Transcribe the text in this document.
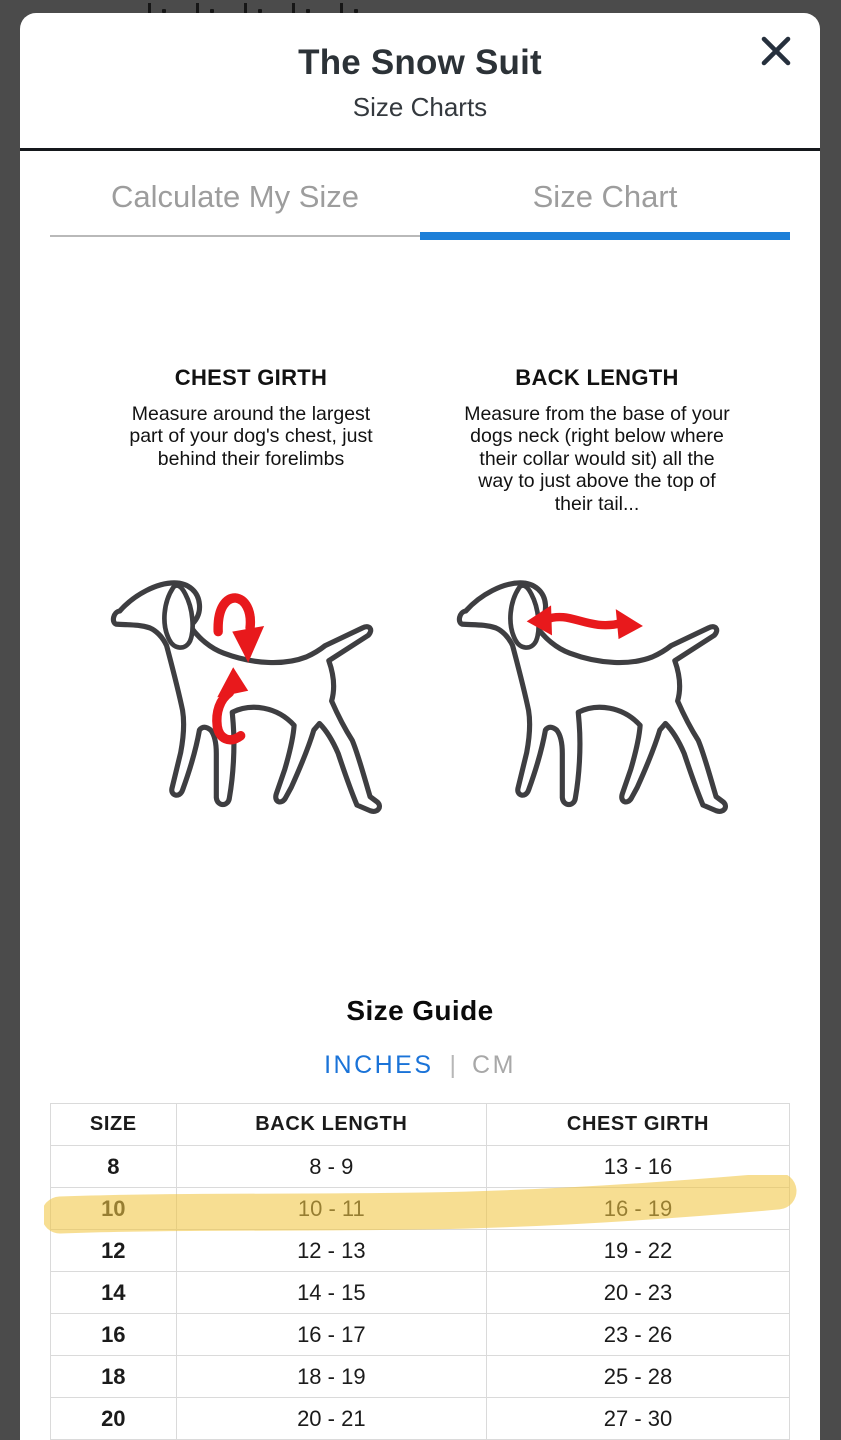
The Snow Suit
Size Charts
Calculate My Size	Size Chart
CHEST GIRTH

Measure around the largest part of your dog's chest, just behind their forelimbs

BACK LENGTH

Measure from the base of your dogs neck (right below where their collar would sit) all the way to just above the top of their tail...

Size Guide
INCHES | CM
SIZE	BACK LENGTH	CHEST GIRTH
8	8 - 9	13 - 16
10	10 - 11	16 - 19
12	12 - 13	19 - 22
14	14 - 15	20 - 23
16	16 - 17	23 - 26
18	18 - 19	25 - 28
20	20 - 21	27 - 30
